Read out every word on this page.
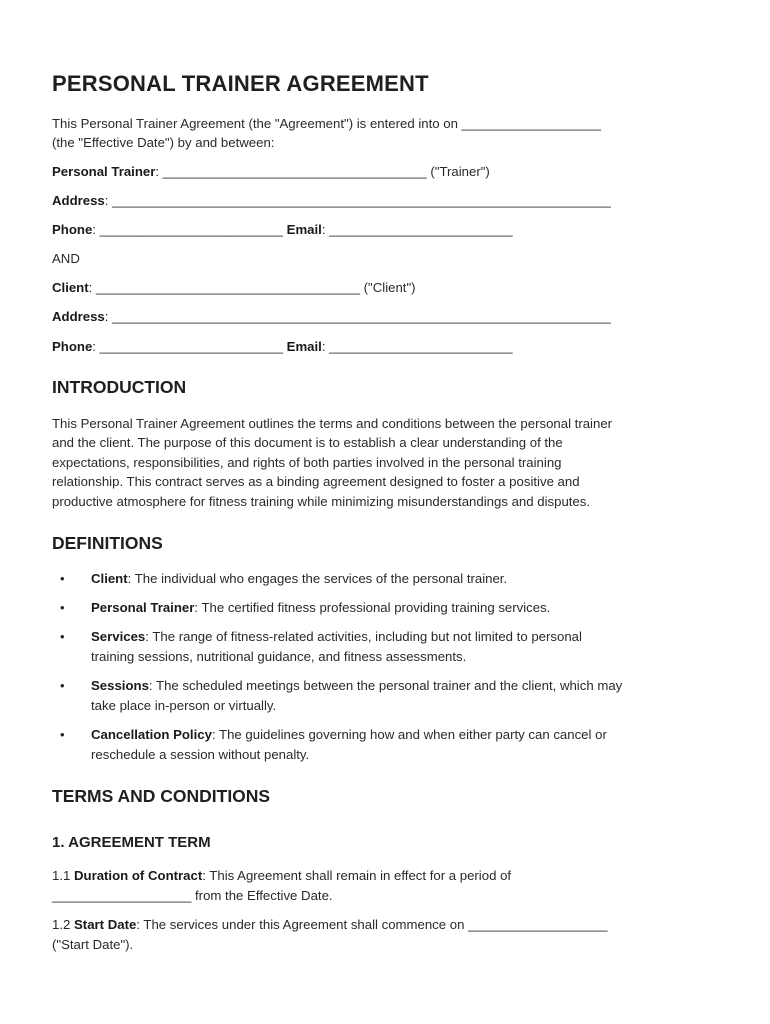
PERSONAL TRAINER AGREEMENT

This Personal Trainer Agreement (the "Agreement") is entered into on ___________________

(the "Effective Date") by and between:

Personal Trainer: ____________________________________ ("Trainer")

Address: ____________________________________________________________________

Phone: _________________________ Email: _________________________

AND

Client: ____________________________________ ("Client")

Address: ____________________________________________________________________

Phone: _________________________ Email: _________________________

INTRODUCTION

This Personal Trainer Agreement outlines the terms and conditions between the personal trainer

and the client. The purpose of this document is to establish a clear understanding of the

expectations, responsibilities, and rights of both parties involved in the personal training

relationship. This contract serves as a binding agreement designed to foster a positive and

productive atmosphere for fitness training while minimizing misunderstandings and disputes.

DEFINITIONS
• Client: The individual who engages the services of the personal trainer.

• Personal Trainer: The certified fitness professional providing training services.

• Services: The range of fitness-related activities, including but not limited to personal
training sessions, nutritional guidance, and fitness assessments.

• Sessions: The scheduled meetings between the personal trainer and the client, which may
take place in-person or virtually.

• Cancellation Policy: The guidelines governing how and when either party can cancel or
reschedule a session without penalty.

TERMS AND CONDITIONS
1. AGREEMENT TERM

1.1 Duration of Contract: This Agreement shall remain in effect for a period of
___________________ from the Effective Date.

1.2 Start Date: The services under this Agreement shall commence on ___________________
("Start Date").
